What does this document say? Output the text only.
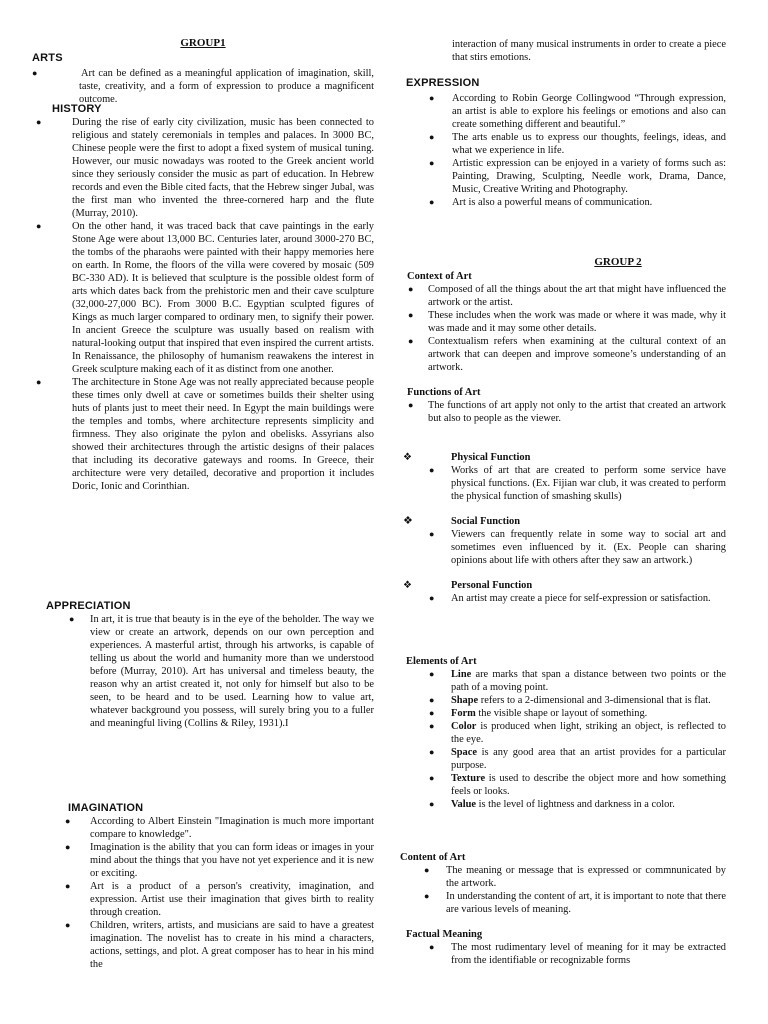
GROUP1
ARTS
●	Art can be defined as a meaningful application of imagination, skill, taste, creativity, and a form of expression to produce a magnificent outcome.

HISTORY
●	During the rise of early city civilization, music has been connected to religious and stately ceremonials in temples and palaces. In 3000 BC, Chinese people were the first to adopt a fixed system of musical tuning. However, our music nowadays was rooted to the Greek ancient world since they seriously consider the music as part of education. In Hebrew records and even the Bible cited facts, that the Hebrew singer Jubal, was the first man who invented the three-cornered harp and the flute (Murray, 2010).

●	On the other hand, it was traced back that cave paintings in the early Stone Age were about 13,000 BC. Centuries later, around 3000-270 BC, the tombs of the pharaohs were painted with their happy memories here on earth. In Rome, the floors of the villa were covered by mosaic (509 BC-330 AD). It is believed that sculpture is the possible oldest form of arts which dates back from the prehistoric men and their cave sculpture (32,000-27,000 BC). From 3000 B.C. Egyptian sculpted figures of Kings as much larger compared to ordinary men, to signify their power. In ancient Greece the sculpture was usually based on realism with natural-looking output that inspired that even inspired the current artists. In Renaissance, the philosophy of humanism reawakens the interest in Greek sculpture making each of it as distinct from one another.

●	The architecture in Stone Age was not really appreciated because people these times only dwell at cave or sometimes builds their shelter using huts of plants just to meet their need. In Egypt the main buildings were the temples and tombs, where architecture represents simplicity and firmness. They also originate the pylon and obelisks. Assyrians also showed their architectures through the artistic designs of their palaces that including its decorative gateways and rooms. In Greece, their architecture were very detailed, decorative and proportion it includes Doric, Ionic and Corinthian.

APPRECIATION
● In art, it is true that beauty is in the eye of the beholder. The way we view or create an artwork, depends on our own perception and experiences. A masterful artist, through his artworks, is capable of telling us about the world and humanity more than we understood before (Murray, 2010). Art has universal and timeless beauty, the reason why an artist created it, not only for himself but also to be seen, to be heard and to be used. Learning how to value art, whatever background you possess, will surely bring you to a fuller and meaningful living (Collins & Riley, 1931).I

IMAGINATION
● According to Albert Einstein "Imagination is much more important compare to knowledge".

● Imagination is the ability that you can form ideas or images in your mind about the things that you have not yet experience and it is new or exciting.

● Art is a product of a person's creativity, imagination, and expression. Artist use their imagination that gives birth to reality through creation.

● Children, writers, artists, and musicians are said to have a greatest imagination. The novelist has to create in his mind a characters, actions, settings, and plot. A great composer has to hear in his mind the

interaction of many musical instruments in order to create a piece that stirs emotions.

EXPRESSION
● According to Robin George Collingwood “Through expression, an artist is able to explore his feelings or emotions and also can create something different and beautiful.”

● The arts enable us to express our thoughts, feelings, ideas, and what we experience in life.

● Artistic expression can be enjoyed in a variety of forms such as: Painting, Drawing, Sculpting, Needle work, Drama, Dance, Music, Creative Writing and Photography.

● Art is also a powerful means of communication.

GROUP 2
Context of Art
● Composed of all the things about the art that might have influenced the artwork or the artist.

● These includes when the work was made or where it was made, why it was made and it may some other details.

● Contextualism refers when examining at the cultural context of an artwork that can deepen and improve someone’s understanding of an artwork.

Functions of Art
● The functions of art apply not only to the artist that created an artwork but also to people as the viewer.

❖	Physical Function
● Works of art that are created to perform some service have physical functions. (Ex. Fijian war club, it was created to perform the physical function of smashing skulls)

❖	Social Function
● Viewers can frequently relate in some way to social art and sometimes even influenced by it. (Ex. People can sharing opinions about life with others after they saw an artwork.)

❖	Personal Function
● An artist may create a piece for self-expression or satisfaction.

Elements of Art
● Line are marks that span a distance between two points or the path of a moving point.

● Shape refers to a 2-dimensional and 3-dimensional that is flat.

● Form the visible shape or layout of something.

● Color is produced when light, striking an object, is reflected to the eye.

● Space is any good area that an artist provides for a particular purpose.

● Texture is used to describe the object more and how something feels or looks.

● Value is the level of lightness and darkness in a color.

Content of Art
● The meaning or message that is expressed or commnunicated by the artwork.

● In understanding the content of art, it is important to note that there are various levels of meaning.

Factual Meaning
● The most rudimentary level of meaning for it may be extracted from the identifiable or recognizable forms
